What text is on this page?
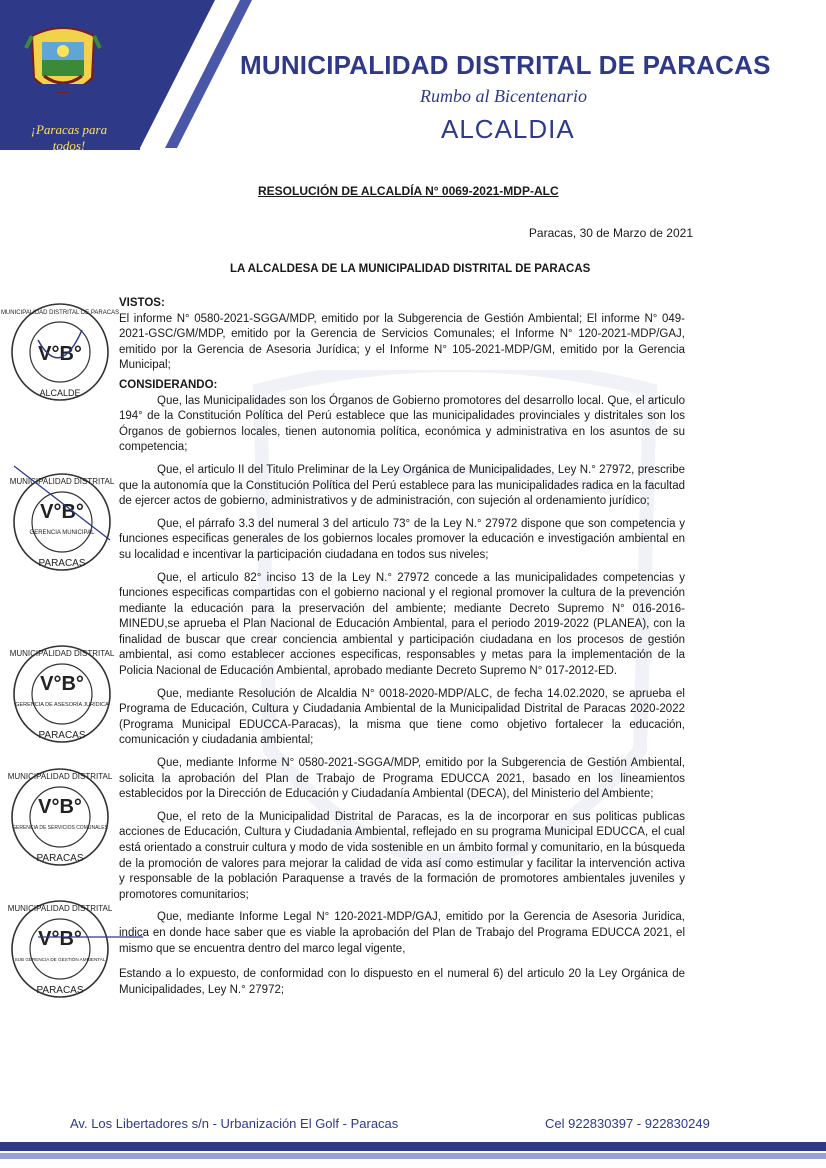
¡Paracas para todos!
MUNICIPALIDAD DISTRITAL DE PARACAS
Rumbo al Bicentenario
ALCALDIA
RESOLUCIÓN DE ALCALDÍA N° 0069-2021-MDP-ALC
Paracas, 30 de Marzo de 2021
LA ALCALDESA DE LA MUNICIPALIDAD DISTRITAL DE PARACAS

VISTOS:

El informe N° 0580-2021-SGGA/MDP, emitido por la Subgerencia de Gestión Ambiental; El informe N° 049-2021-GSC/GM/MDP, emitido por la Gerencia de Servicios Comunales; el Informe N° 120-2021-MDP/GAJ, emitido por la Gerencia de Asesoria Jurídica; y el Informe N° 105-2021-MDP/GM, emitido por la Gerencia Municipal;

CONSIDERANDO:

Que, las Municipalidades son los Órganos de Gobierno promotores del desarrollo local. Que, el articulo 194° de la Constitución Política del Perú establece que las municipalidades provinciales y distritales son los Órganos de gobiernos locales, tienen autonomia política, económica y administrativa en los asuntos de su competencia;

Que, el articulo II del Titulo Preliminar de la Ley Orgánica de Municipalidades, Ley N.° 27972, prescribe que la autonomía que la Constitución Política del Perú establece para las municipalidades radica en la facultad de ejercer actos de gobierno, administrativos y de administración, con sujeción al ordenamiento jurídico;

Que, el párrafo 3.3 del numeral 3 del articulo 73° de la Ley N.° 27972 dispone que son competencia y funciones especificas generales de los gobiernos locales promover la educación e investigación ambiental en su localidad e incentivar la participación ciudadana en todos sus niveles;

Que, el articulo 82° inciso 13 de la Ley N.° 27972 concede a las municipalidades competencias y funciones especificas compartidas con el gobierno nacional y el regional promover la cultura de la prevención mediante la educación para la preservación del ambiente; mediante Decreto Supremo N° 016-2016-MINEDU,se aprueba el Plan Nacional de Educación Ambiental, para el periodo 2019-2022 (PLANEA), con la finalidad de buscar que crear conciencia ambiental y participación ciudadana en los procesos de gestión ambiental, asi como establecer acciones especificas, responsables y metas para la implementación de la Policia Nacional de Educación Ambiental, aprobado mediante Decreto Supremo N° 017-2012-ED.

Que, mediante Resolución de Alcaldia N° 0018-2020-MDP/ALC, de fecha 14.02.2020, se aprueba el Programa de Educación, Cultura y Ciudadania Ambiental de la Municipalidad Distrital de Paracas 2020-2022 (Programa Municipal EDUCCA-Paracas), la misma que tiene como objetivo fortalecer la educación, comunicación y ciudadania ambiental;

Que, mediante Informe N° 0580-2021-SGGA/MDP, emitido por la Subgerencia de Gestión Ambiental, solicita la aprobación del Plan de Trabajo de Programa EDUCCA 2021, basado en los lineamientos establecidos por la Dirección de Educación y Ciudadanía Ambiental (DECA), del Ministerio del Ambiente;

Que, el reto de la Municipalidad Distrital de Paracas, es la de incorporar en sus politicas publicas acciones de Educación, Cultura y Ciudadania Ambiental, reflejado en su programa Municipal EDUCCA, el cual está orientado a construir cultura y modo de vida sostenible en un ámbito formal y comunitario, en la búsqueda de la promoción de valores para mejorar la calidad de vida así como estimular y facilitar la intervención activa y responsable de la población Paraquense a través de la formación de promotores ambientales juveniles y promotores comunitarios;

Que, mediante Informe Legal N° 120-2021-MDP/GAJ, emitido por la Gerencia de Asesoria Juridica, indica en donde hace saber que es viable la aprobación del Plan de Trabajo del Programa EDUCCA 2021, el mismo que se encuentra dentro del marco legal vigente,

Estando a lo expuesto, de conformidad con lo dispuesto en el numeral 6) del articulo 20 la Ley Orgánica de Municipalidades, Ley N.° 27972;

V°B°
MUNICIPALIDAD DISTRITAL DE PARACAS
ALCALDE
MUNICIPALIDAD DISTRITAL
V°B°
GERENCIA MUNICIPAL
PARACAS
MUNICIPALIDAD DISTRITAL
V°B°
GERENCIA DE ASESORÍA JURÍDICA
PARACAS
MUNICIPALIDAD DISTRITAL
V°B°
GERENCIA DE SERVICIOS COMUNALES
PARACAS
MUNICIPALIDAD DISTRITAL
V°B°
SUB GERENCIA DE GESTIÓN AMBIENTAL
PARACAS
Av. Los Libertadores s/n - Urbanización El Golf - Paracas	Cel 922830397 - 922830249
